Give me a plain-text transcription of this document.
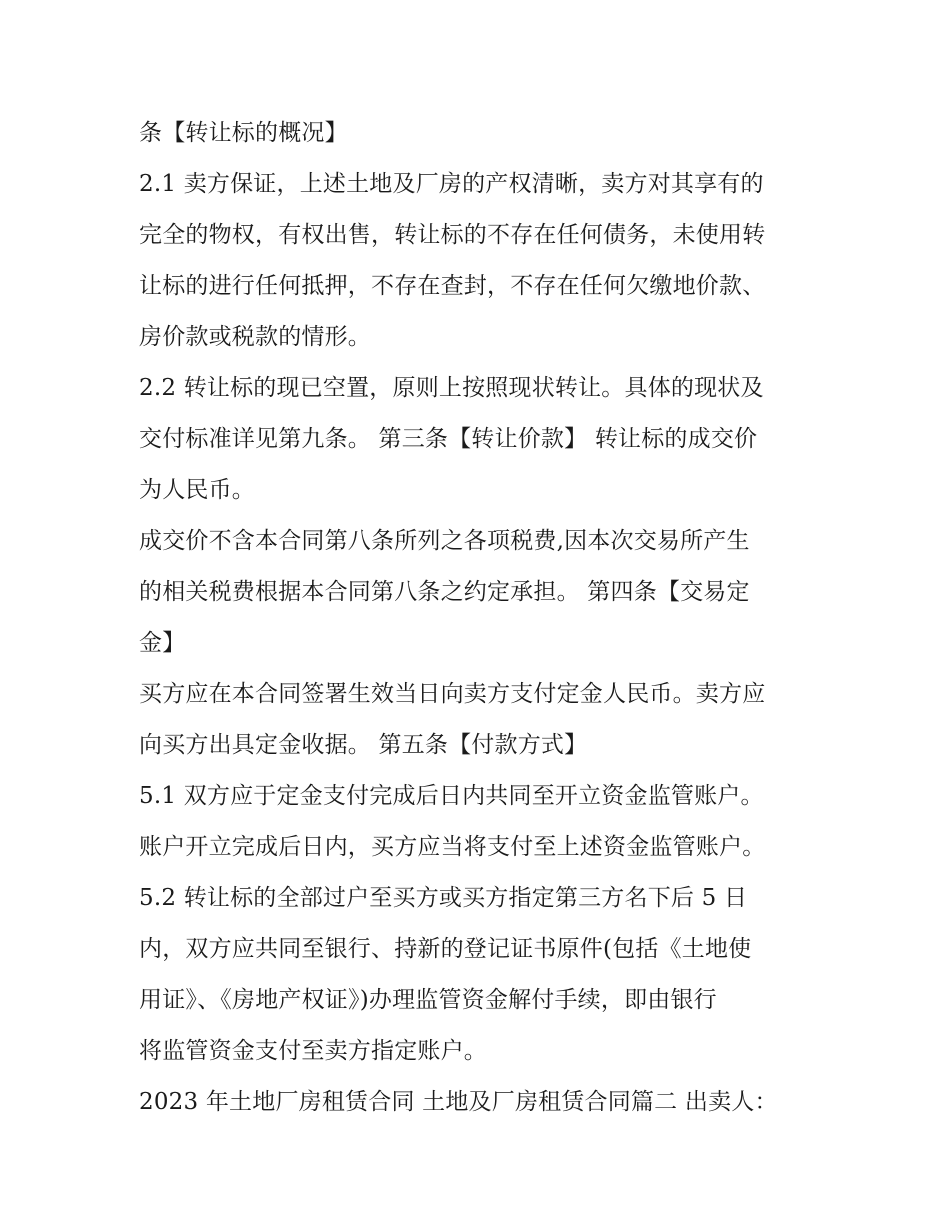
条【转让标的概况】
2.1 卖方保证，上述土地及厂房的产权清晰，卖方对其享有的
完全的物权，有权出售，转让标的不存在任何债务，未使用转
让标的进行任何抵押，不存在查封，不存在任何欠缴地价款、
房价款或税款的情形。
2.2 转让标的现已空置，原则上按照现状转让。具体的现状及
交付标准详见第九条。 第三条【转让价款】 转让标的成交价
为人民币。
成交价不含本合同第八条所列之各项税费,因本次交易所产生
的相关税费根据本合同第八条之约定承担。 第四条【交易定
金】
买方应在本合同签署生效当日向卖方支付定金人民币。卖方应
向买方出具定金收据。 第五条【付款方式】
5.1 双方应于定金支付完成后日内共同至开立资金监管账户。
账户开立完成后日内，买方应当将支付至上述资金监管账户。
5.2 转让标的全部过户至买方或买方指定第三方名下后 5 日
内，双方应共同至银行、持新的登记证书原件(包括《土地使
用证》、《房地产权证》)办理监管资金解付手续，即由银行
将监管资金支付至卖方指定账户。
2023 年土地厂房租赁合同 土地及厂房租赁合同篇二 出卖人：
